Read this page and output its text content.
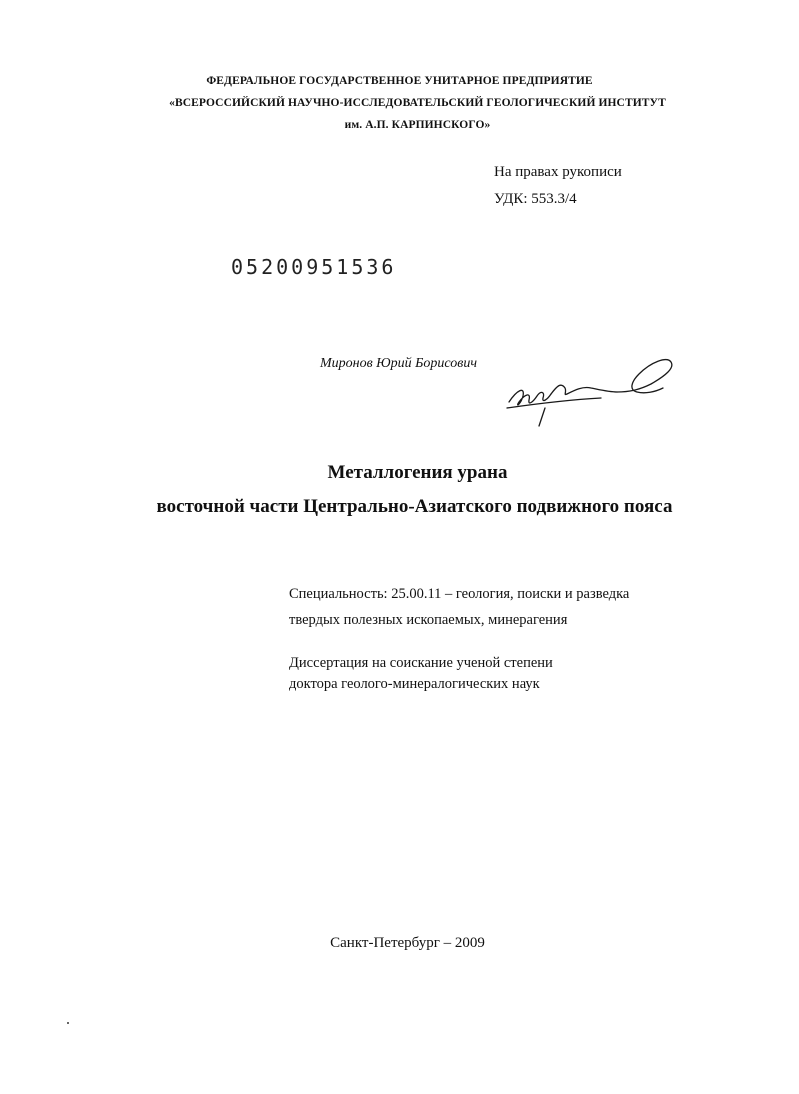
ФЕДЕРАЛЬНОЕ ГОСУДАРСТВЕННОЕ УНИТАРНОЕ ПРЕДПРИЯТИЕ
«ВСЕРОССИЙСКИЙ НАУЧНО-ИССЛЕДОВАТЕЛЬСКИЙ ГЕОЛОГИЧЕСКИЙ ИНСТИТУТ
им. А.П. КАРПИНСКОГО»
На правах рукописи
УДК: 553.3/4
05200951536
Миронов Юрий Борисович
Металлогения урана
восточной части Центрально-Азиатского подвижного пояса
Специальность: 25.00.11 – геология, поиски и разведка
твердых полезных ископаемых, минерагения
Диссертация на соискание ученой степени
доктора геолого-минералогических наук
Санкт-Петербург – 2009
